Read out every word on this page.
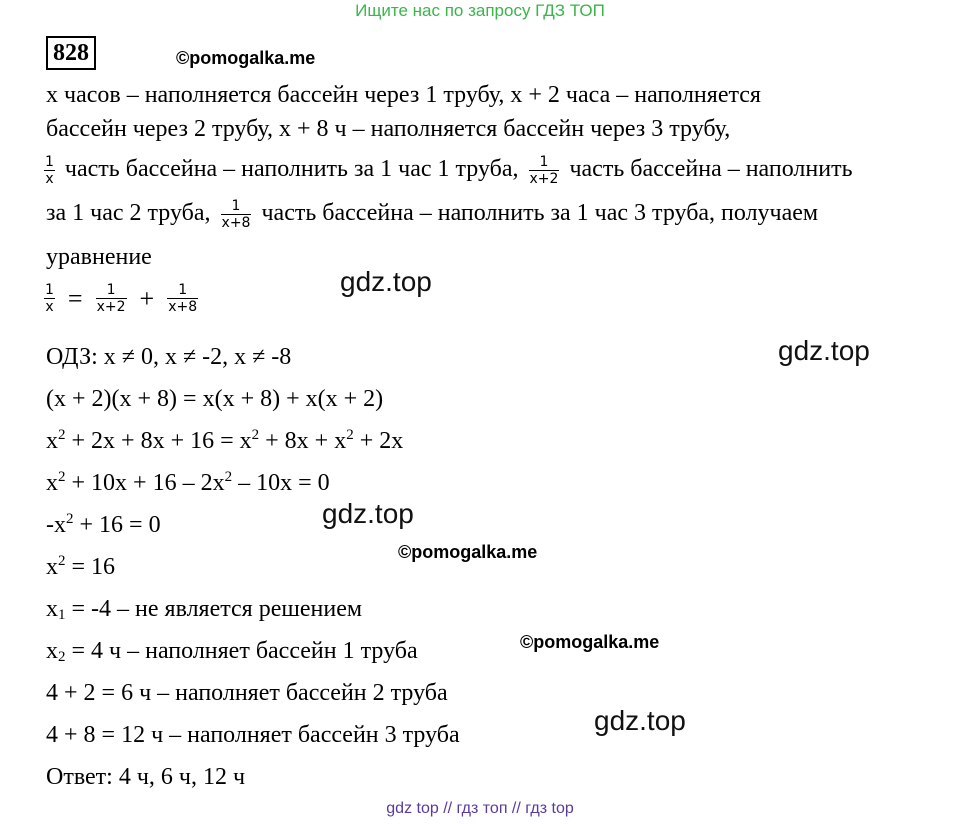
Ищите нас по запросу ГДЗ ТОП
828	©pomogalka.me
©pomogalka.me
©pomogalka.me
gdz.top
gdz.top
gdz.top
gdz.top
x часов – наполняется бассейн через 1 трубу, x + 2 часа – наполняется
бассейн через 2 трубу, x + 8 ч – наполняется бассейн через 3 трубу,
$\frac{1}{x}$ часть бассейна – наполнить за 1 час 1 труба, $\frac{1}{x+2}$ часть бассейна – наполнить
за 1 час 2 труба, $\frac{1}{x+8}$ часть бассейна – наполнить за 1 час 3 труба, получаем
уравнение
$\frac{1}{x} = \frac{1}{x+2} + \frac{1}{x+8}$
ОДЗ: x ≠ 0, x ≠ -2, x ≠ -8
(x + 2)(x + 8) = x(x + 8) + x(x + 2)
$x^2 + 2x + 8x + 16 = x^2 + 8x + x^2 + 2x$
$x^2 + 10x + 16 - 2x^2 - 10x = 0$
$-x^2 + 16 = 0$
$x^2 = 16$
$x_1 = -4$ – не является решением
$x_2 = 4$ ч – наполняет бассейн 1 труба
4 + 2 = 6 ч – наполняет бассейн 2 труба
4 + 8 = 12 ч – наполняет бассейн 3 труба
Ответ: 4 ч, 6 ч, 12 ч
gdz top // гдз топ // гдз top
